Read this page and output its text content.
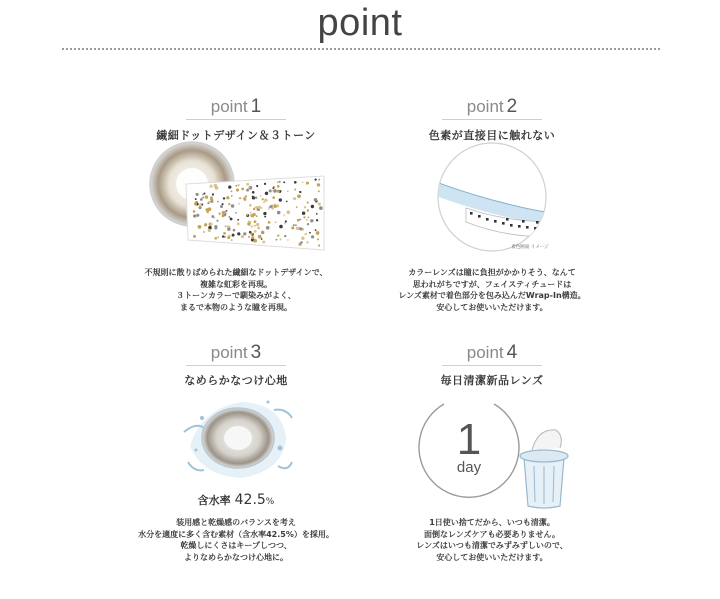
point
point 1
繊細ドットデザイン＆３トーン
不規則に散りばめられた繊細なドットデザインで、
複雑な虹彩を再現。
３トーンカラーで馴染みがよく、
まるで本物のような瞳を再現。
point 2
色素が直接目に触れない
着色断面 イメージ
カラーレンズは瞳に負担がかかりそう、なんて
思われがちですが、フェイスティチュードは
レンズ素材で着色部分を包み込んだWrap-In構造。
安心してお使いいただけます。
point 3
なめらかなつけ心地
含水率 42.5%
装用感と乾燥感のバランスを考え
水分を適度に多く含む素材（含水率42.5%）を採用。
乾燥しにくさはキープしつつ、
よりなめらかなつけ心地に。
point 4
毎日清潔新品レンズ
1
day
1日使い捨てだから、いつも清潔。
面倒なレンズケアも必要ありません。
レンズはいつも清潔でみずみずしいので、
安心してお使いいただけます。
